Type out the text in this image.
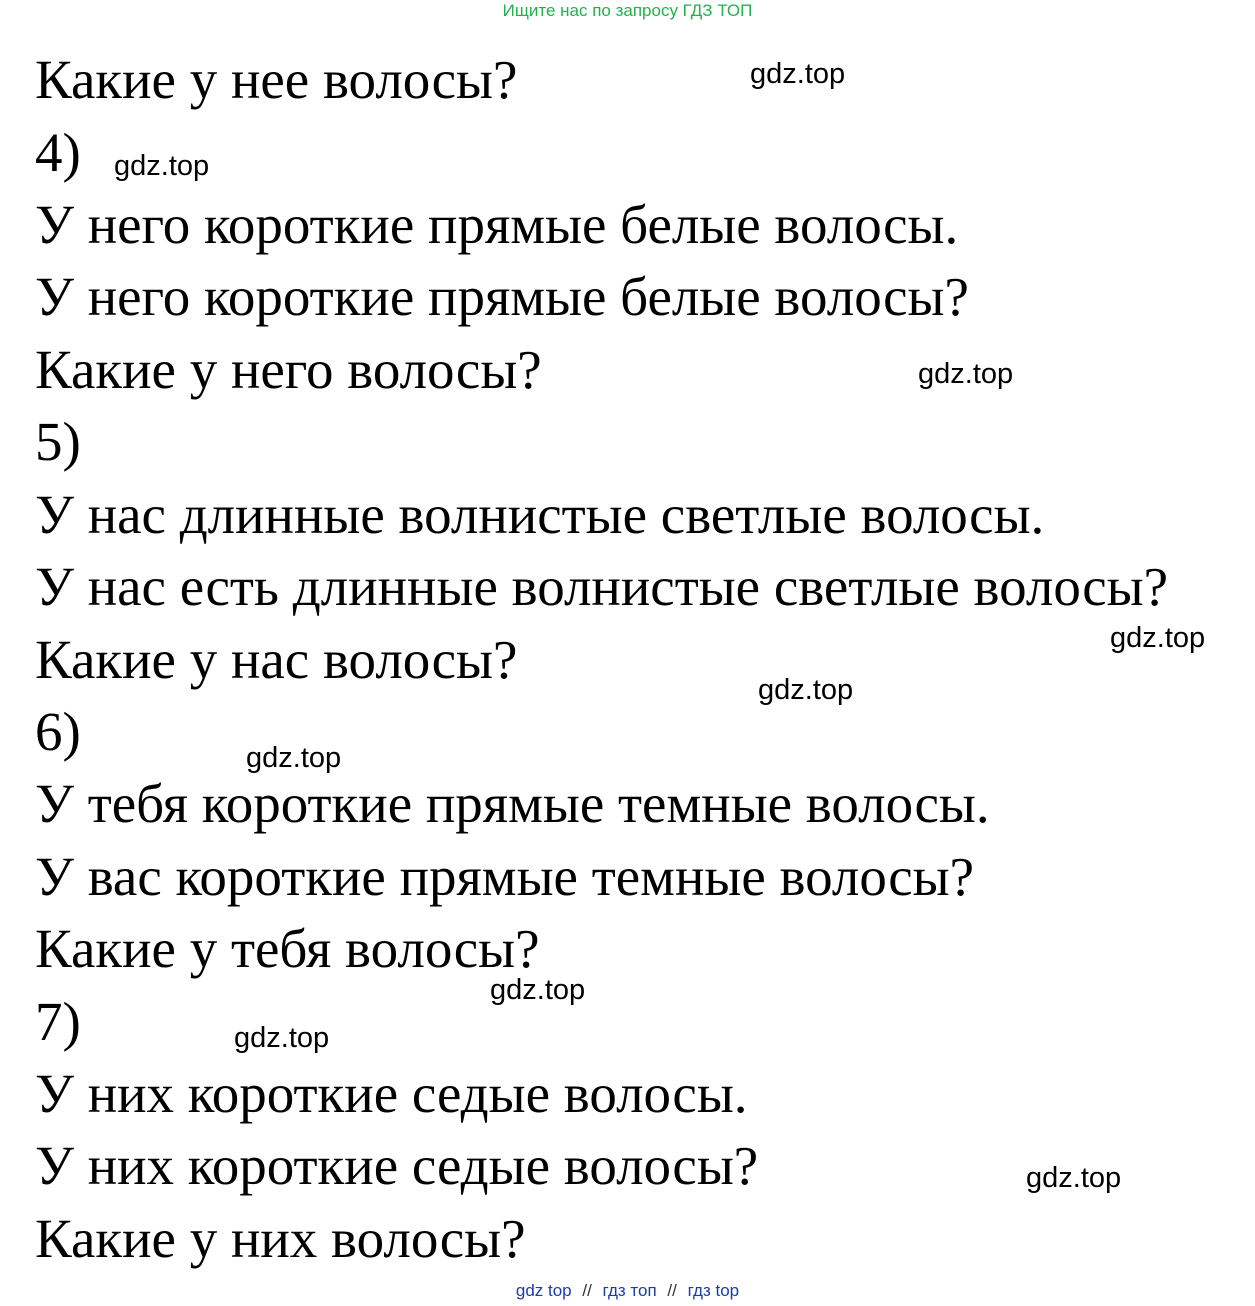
Ищите нас по запросу ГДЗ ТОП
Какие у нее волосы?
4)
У него короткие прямые белые волосы.
У него короткие прямые белые волосы?
Какие у него волосы?
5)
У нас длинные волнистые светлые волосы.
У нас есть длинные волнистые светлые волосы?
Какие у нас волосы?
6)
У тебя короткие прямые темные волосы.
У вас короткие прямые темные волосы?
Какие у тебя волосы?
7)
У них короткие седые волосы.
У них короткие седые волосы?
Какие у них волосы?
gdz.top
gdz.top
gdz.top
gdz.top
gdz.top
gdz.top
gdz.top
gdz.top
gdz.top
gdz top // гдз топ // гдз top
